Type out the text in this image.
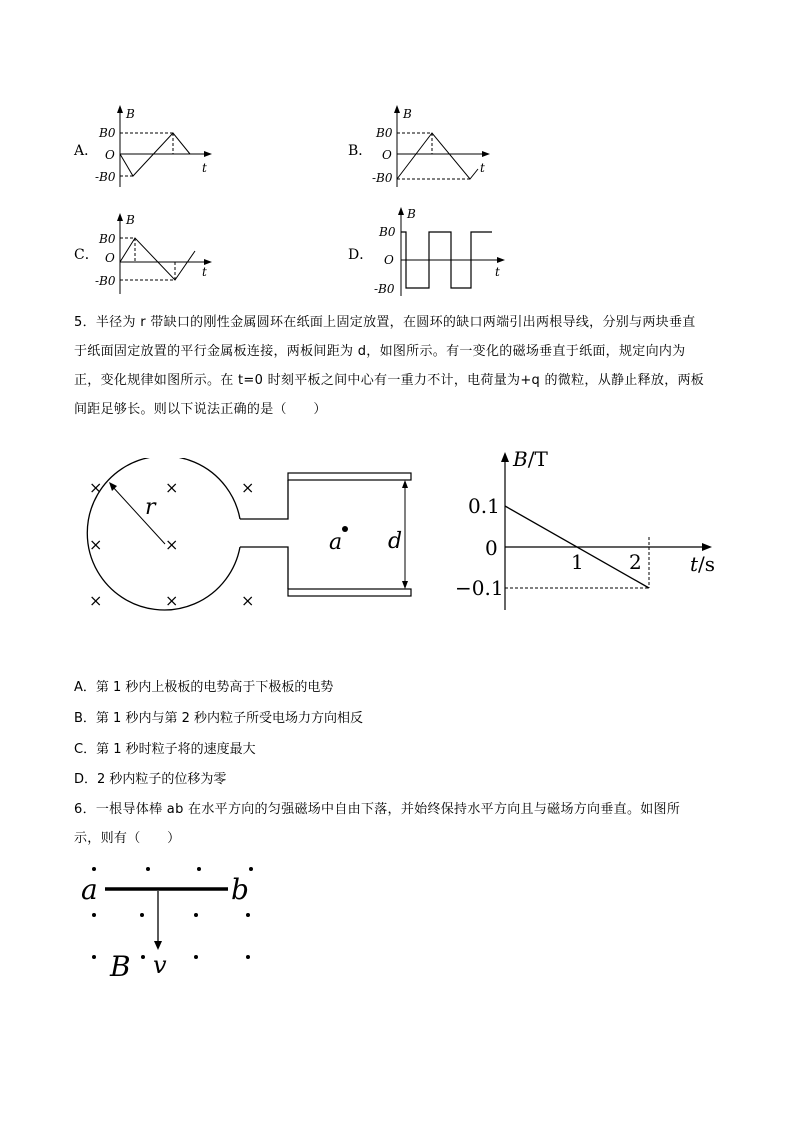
A．
B
t
O
B0
-B0
B．
B
t
O
B0
-B0
C．
B
t
O
B0
-B0
D．
B
t
O
B0
-B0
5．半径为 r 带缺口的刚性金属圆环在纸面上固定放置，在圆环的缺口两端引出两根导线，分别与两块垂直
于纸面固定放置的平行金属板连接，两板间距为 d，如图所示。有一变化的磁场垂直于纸面，规定向内为
正，变化规律如图所示。在 t=0 时刻平板之间中心有一重力不计，电荷量为+q 的微粒，从静止释放，两板
间距足够长。则以下说法正确的是（　　）
d
a
r
×	×	×
×	×
×	×	×
B/T
t/s
0.1
0
−0.1
1 2
A．第 1 秒内上极板的电势高于下极板的电势
B．第 1 秒内与第 2 秒内粒子所受电场力方向相反
C．第 1 秒时粒子将的速度最大
D．2 秒内粒子的位移为零
6．一根导体棒 ab 在水平方向的匀强磁场中自由下落，并始终保持水平方向且与磁场方向垂直。如图所
示，则有（　　）
a	b
v
B
